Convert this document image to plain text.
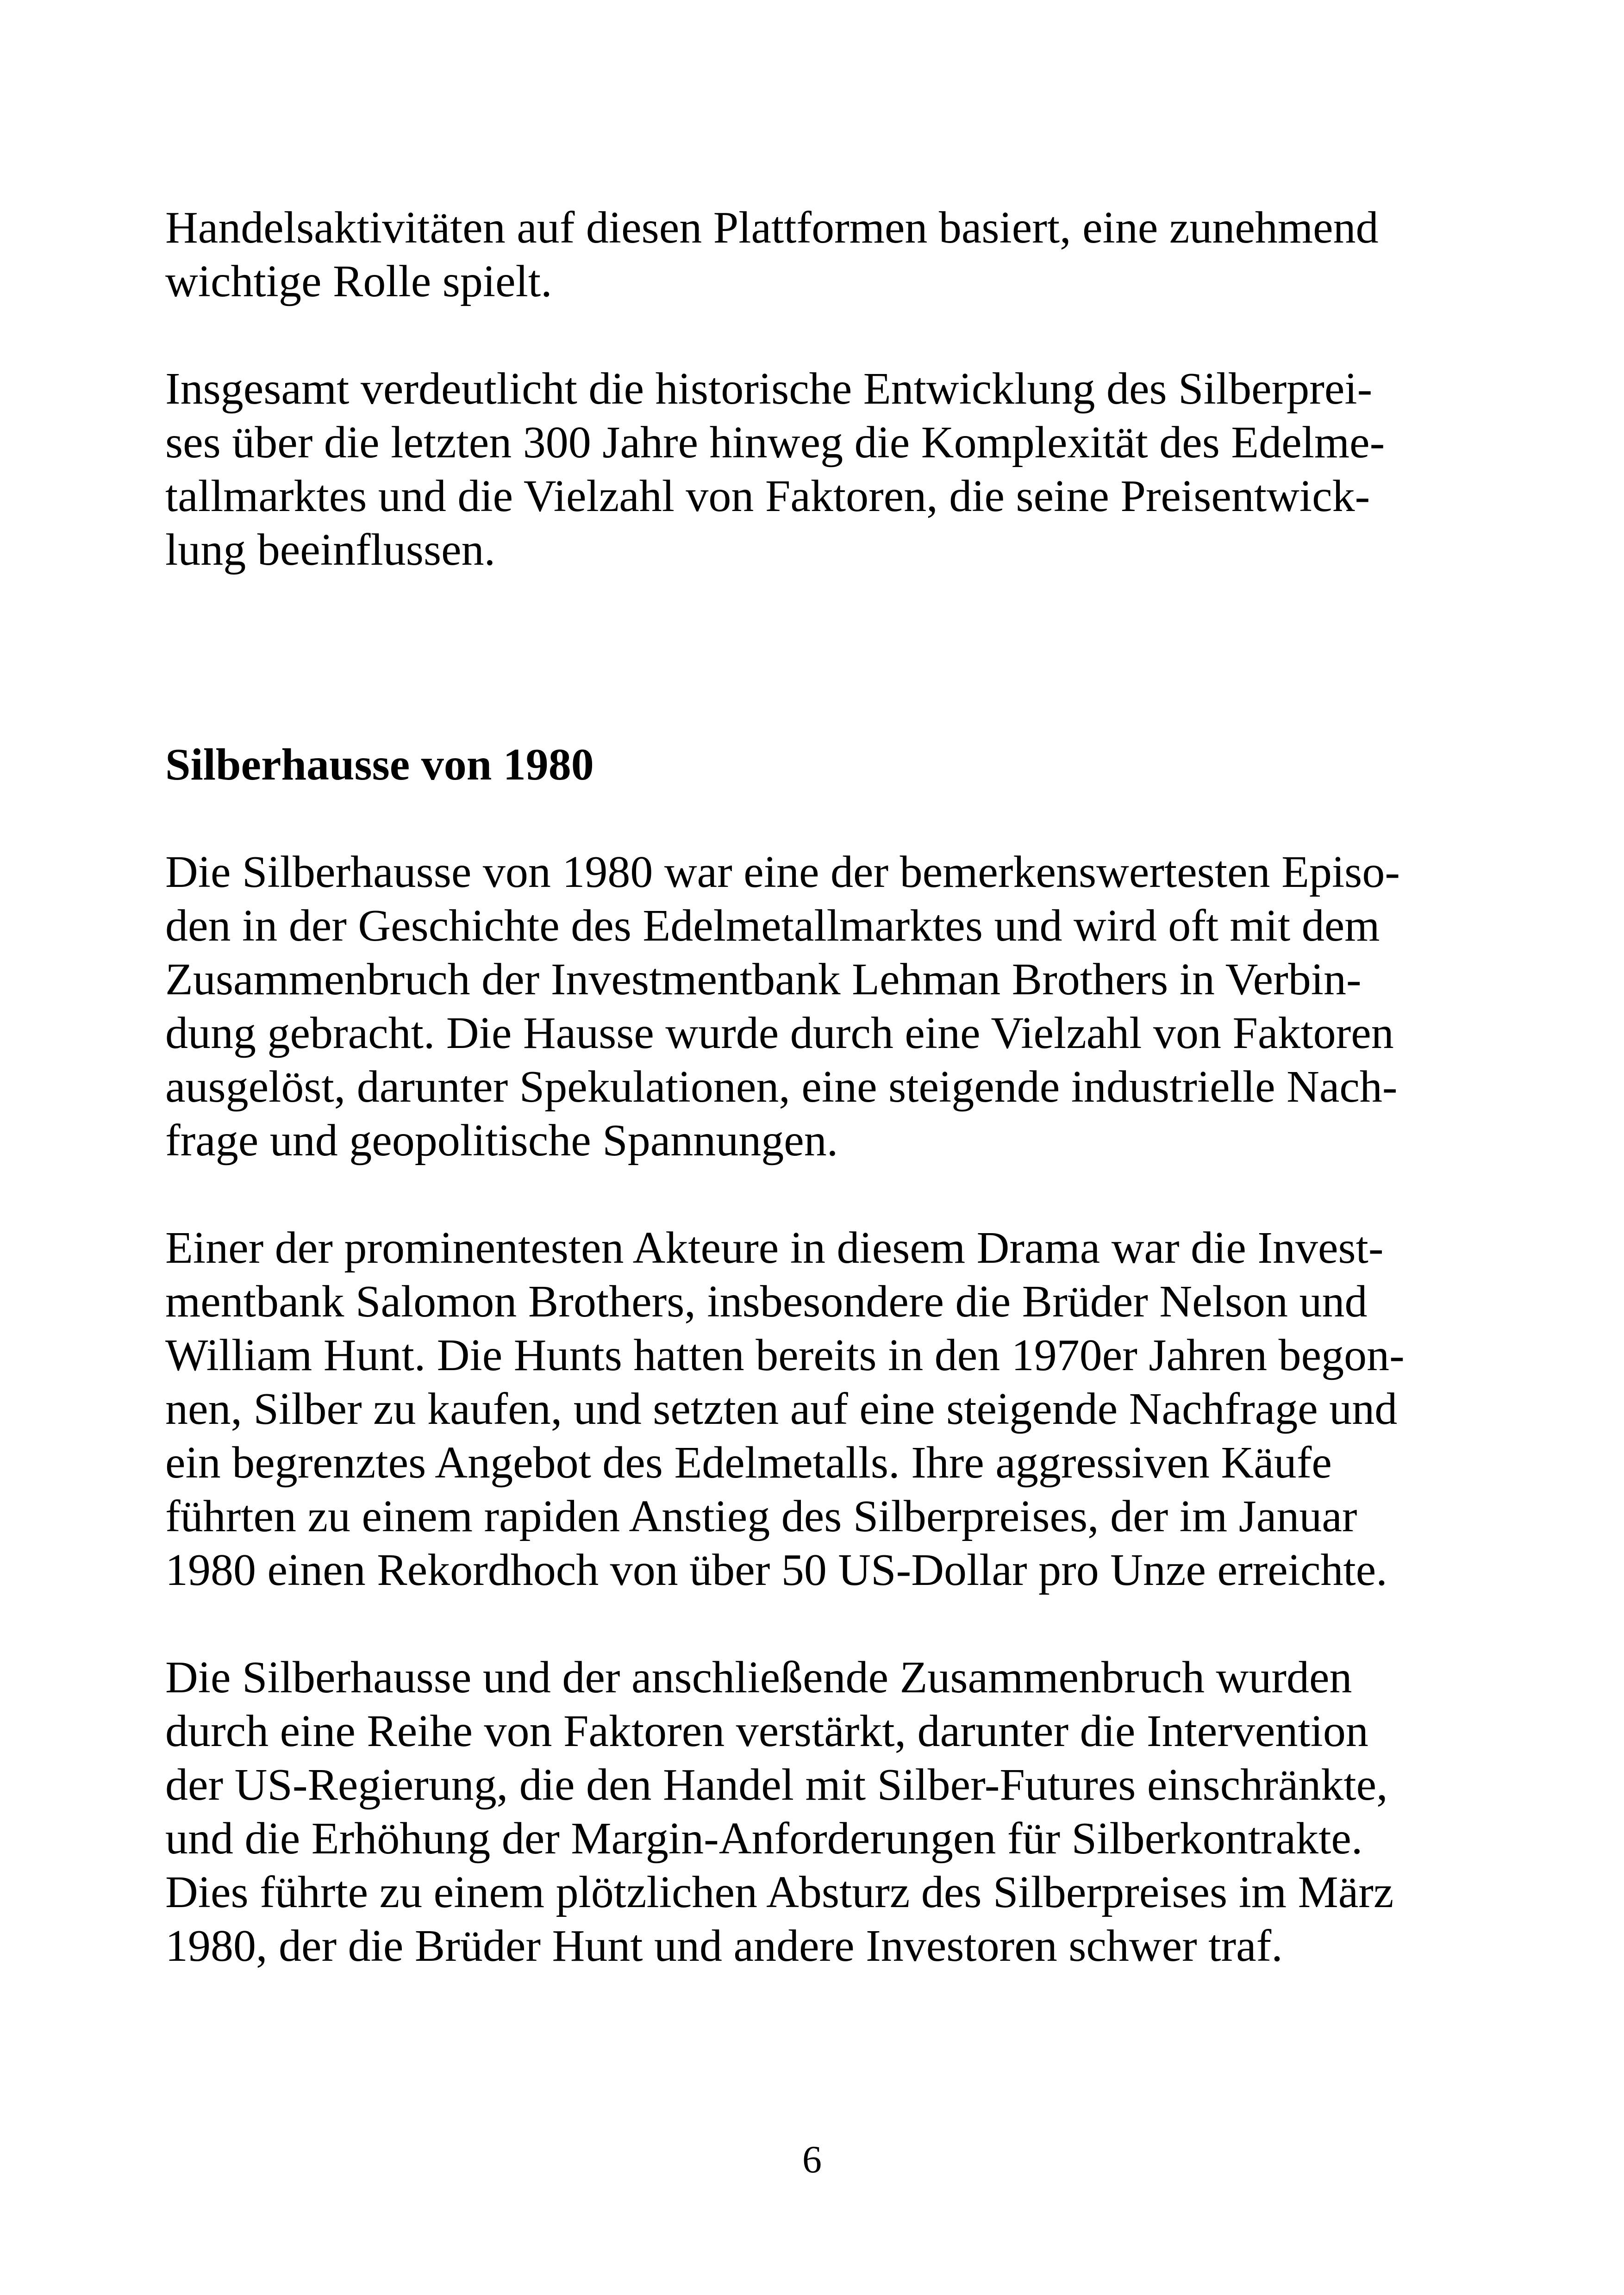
Handelsaktivitäten auf diesen Plattformen basiert, eine zunehmend

wichtige Rolle spielt.

Insgesamt verdeutlicht die historische Entwicklung des Silberprei-

ses über die letzten 300 Jahre hinweg die Komplexität des Edelme-

tallmarktes und die Vielzahl von Faktoren, die seine Preisentwick-

lung beeinflussen.

Silberhausse von 1980

Die Silberhausse von 1980 war eine der bemerkenswertesten Episo-

den in der Geschichte des Edelmetallmarktes und wird oft mit dem

Zusammenbruch der Investmentbank Lehman Brothers in Verbin-

dung gebracht. Die Hausse wurde durch eine Vielzahl von Faktoren

ausgelöst, darunter Spekulationen, eine steigende industrielle Nach-

frage und geopolitische Spannungen.

Einer der prominentesten Akteure in diesem Drama war die Invest-

mentbank Salomon Brothers, insbesondere die Brüder Nelson und

William Hunt. Die Hunts hatten bereits in den 1970er Jahren begon-

nen, Silber zu kaufen, und setzten auf eine steigende Nachfrage und

ein begrenztes Angebot des Edelmetalls. Ihre aggressiven Käufe

führten zu einem rapiden Anstieg des Silberpreises, der im Januar

1980 einen Rekordhoch von über 50 US-Dollar pro Unze erreichte.

Die Silberhausse und der anschließende Zusammenbruch wurden

durch eine Reihe von Faktoren verstärkt, darunter die Intervention

der US-Regierung, die den Handel mit Silber-Futures einschränkte,

und die Erhöhung der Margin-Anforderungen für Silberkontrakte.

Dies führte zu einem plötzlichen Absturz des Silberpreises im März

1980, der die Brüder Hunt und andere Investoren schwer traf.

6
